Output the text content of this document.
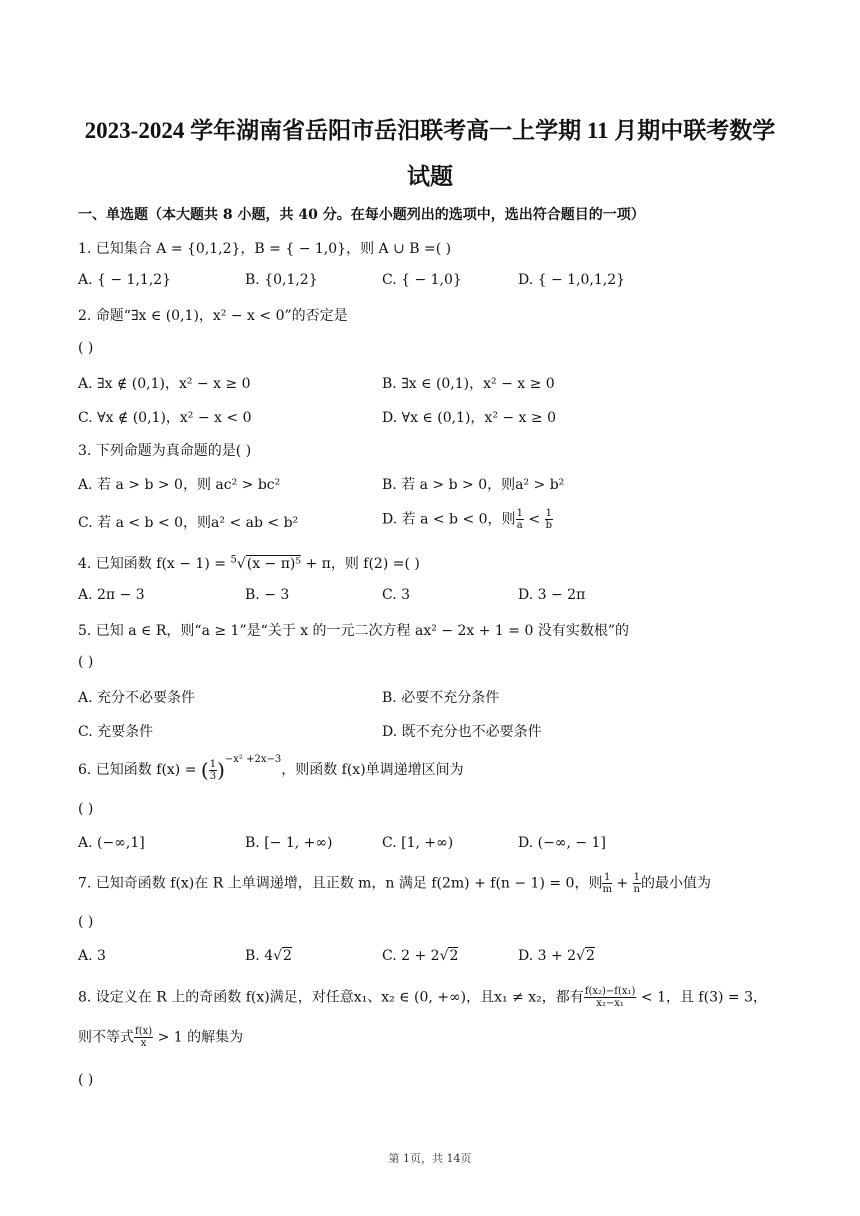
2023-2024 学年湖南省岳阳市岳汨联考高一上学期 11 月期中联考数学
试题
一、单选题（本大题共 8 小题，共 40 分。在每小题列出的选项中，选出符合题目的一项）
1. 已知集合 A = {0,1,2}，B = { − 1,0}，则 A ∪ B =( )
A. { − 1,1,2}	B. {0,1,2}	C. { − 1,0}	D. { − 1,0,1,2}
2. 命题“∃x ∈ (0,1)，x² − x < 0”的否定是
( )
A. ∃x ∉ (0,1)，x² − x ≥ 0	B. ∃x ∈ (0,1)，x² − x ≥ 0
C. ∀x ∉ (0,1)，x² − x < 0	D. ∀x ∈ (0,1)，x² − x ≥ 0
3. 下列命题为真命题的是( )
A. 若 a > b > 0，则 ac² > bc²	B. 若 a > b > 0，则a² > b²
C. 若 a < b < 0，则a² < ab < b²	D. 若 a < b < 0，则 $\frac{1}{a} < \frac{1}{b}$
4. 已知函数 f(x − 1) = $^5$√(x − π)⁵ + π，则 f(2) =( )
A. 2π − 3	B. − 3	C. 3	D. 3 − 2π
5. 已知 a ∈ R，则“a ≥ 1”是“关于 x 的一元二次方程 ax² − 2x + 1 = 0 没有实数根”的
( )
A. 充分不必要条件	B. 必要不充分条件
C. 充要条件	D. 既不充分也不必要条件
6. 已知函数 f(x) = ( $\frac{1}{3} )^{-x^2 +2x-3}$，则函数 f(x)单调递增区间为
( )
A. (−∞,1]	B. [− 1, +∞)	C. [1, +∞)	D. (−∞, − 1]
7. 已知奇函数 f(x)在 R 上单调递增，且正数 m，n 满足 f(2m) + f(n − 1) = 0，则 $\frac{1}{m} + \frac{1}{n}$ 的最小值为
( )
A. 3	B. 4√2	C. 2 + 2√2	D. 3 + 2√2
8. 设定义在 R 上的奇函数 f(x)满足，对任意x₁、x₂ ∈ (0, +∞)，且x₁ ≠ x₂，都有 $\frac{\text{f(x₂)−f(x₁)}}{\text{x₂−x₁}} < 1$，且 f(3) = 3，
则不等式 $\frac{f(x)}{x} > 1$ 的解集为
( )
第 1页，共 14页
